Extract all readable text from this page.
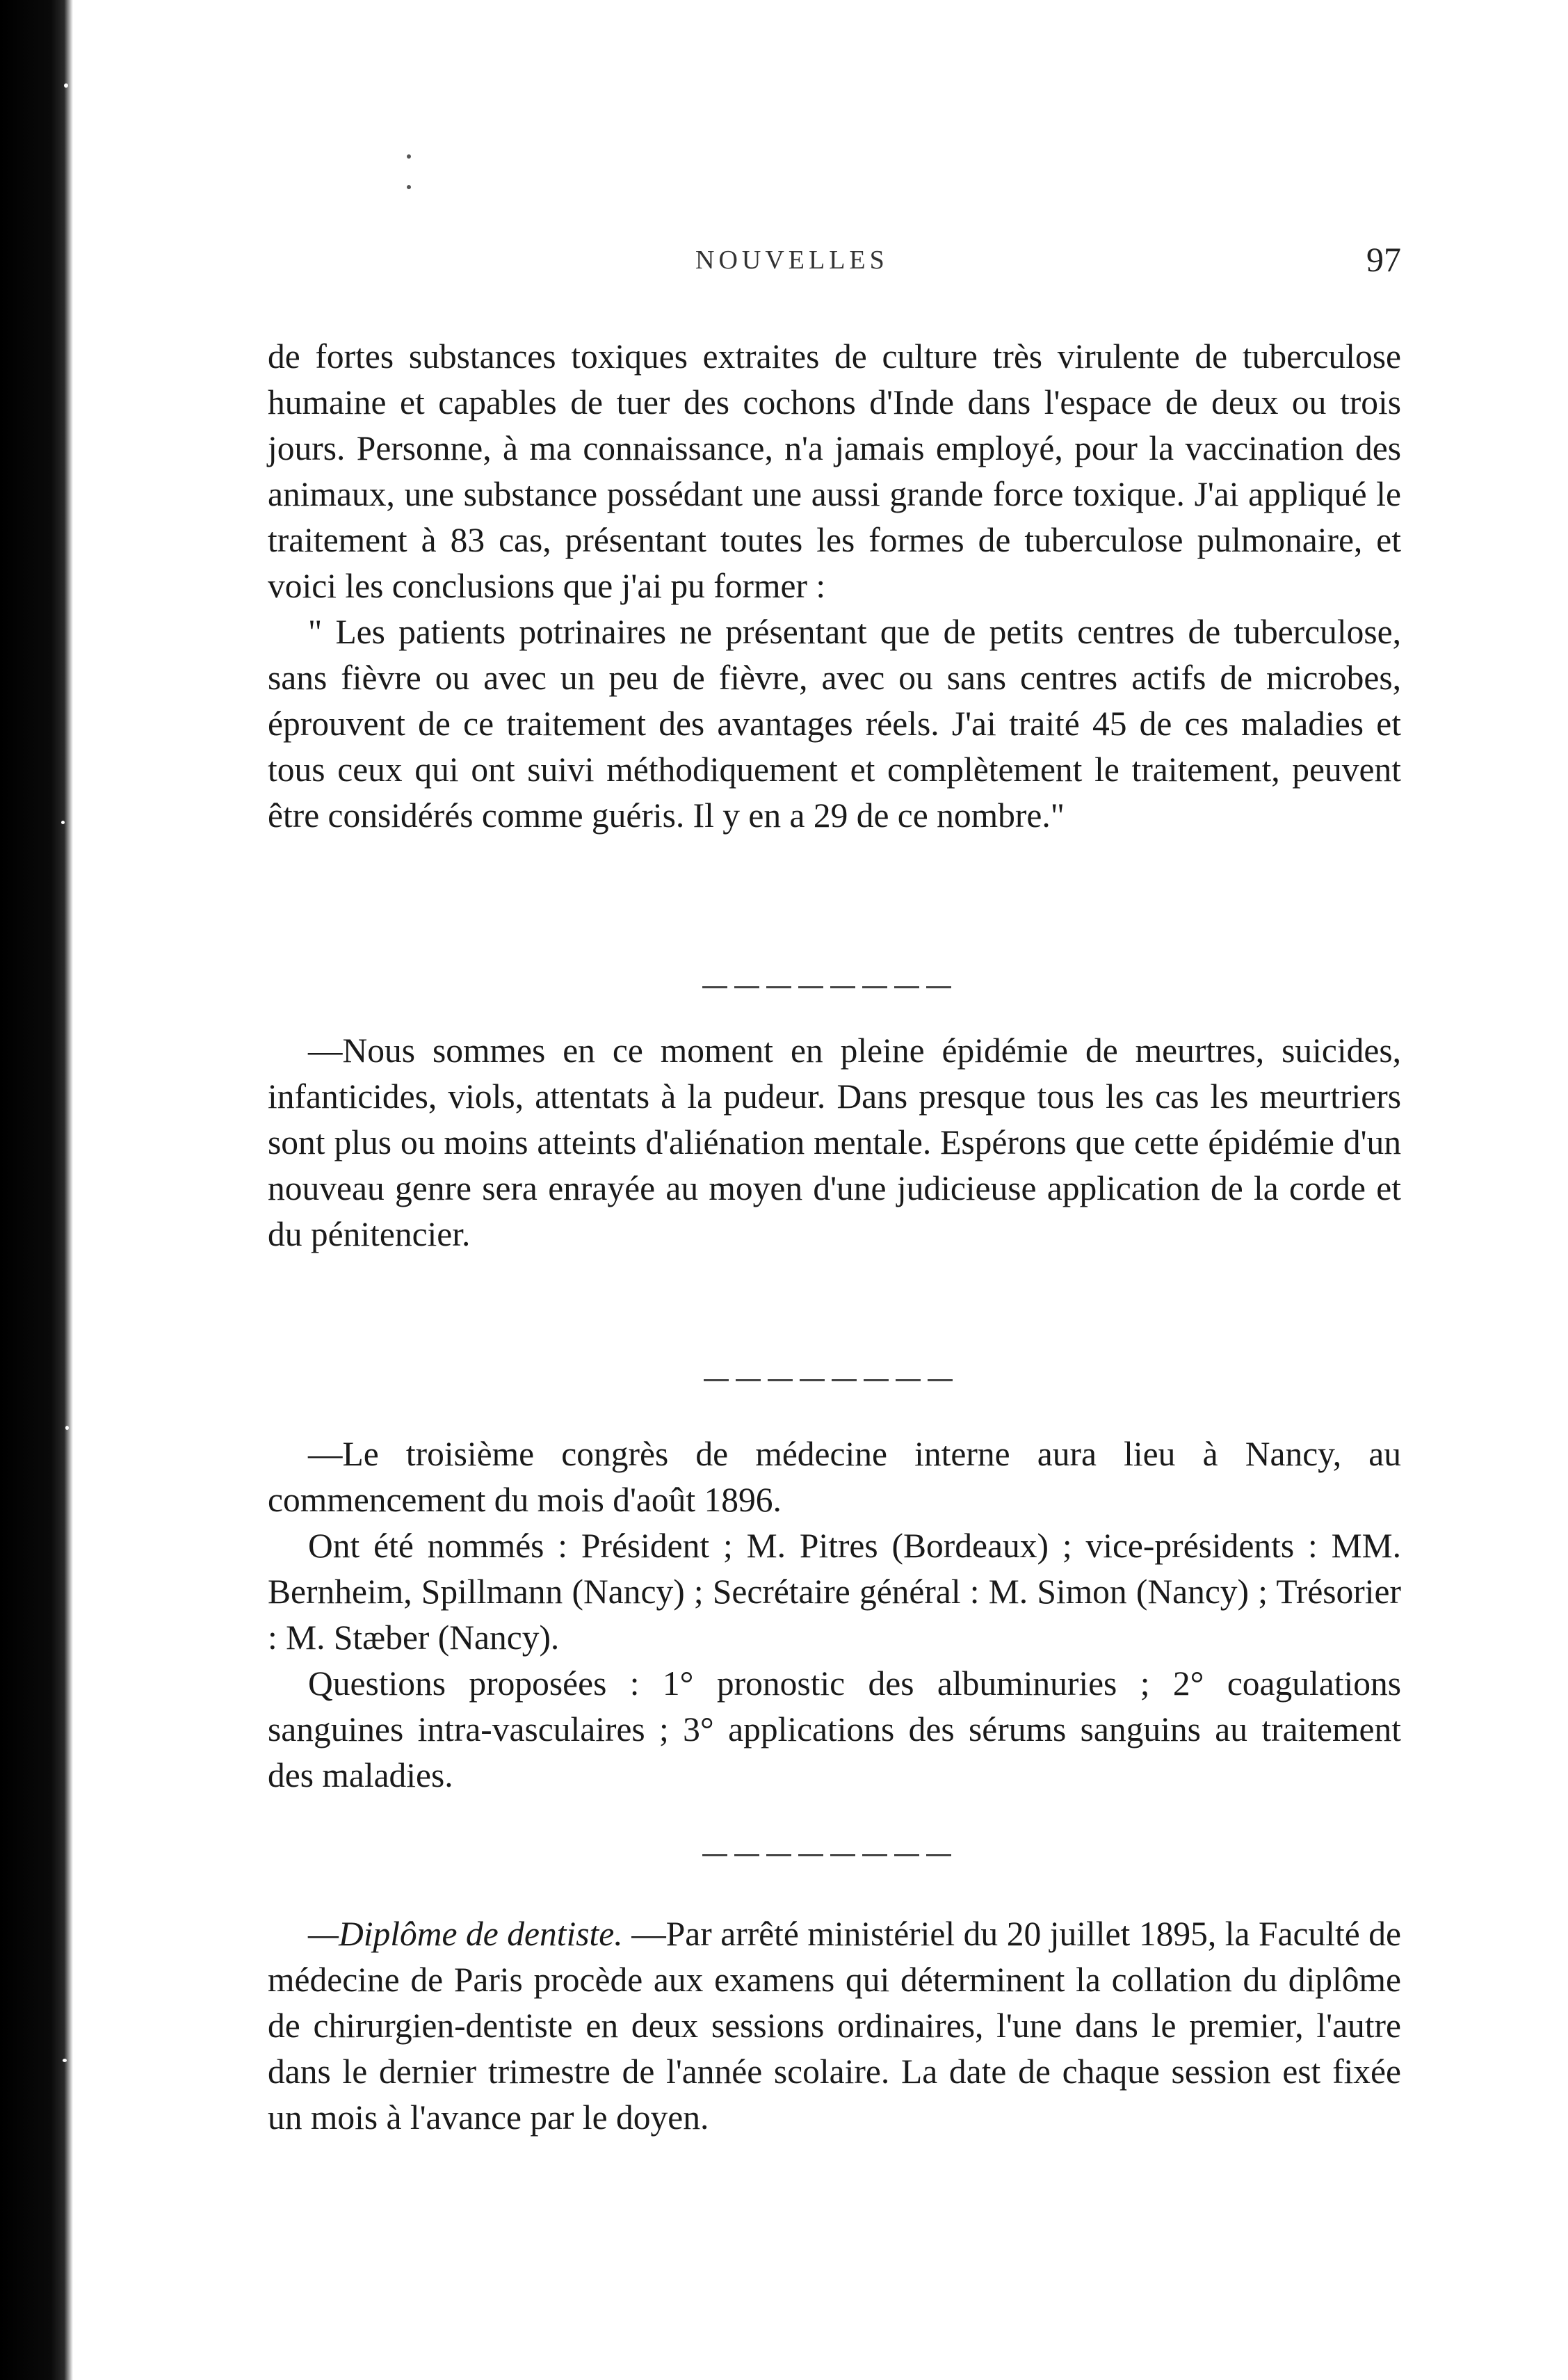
NOUVELLES	97

de fortes substances toxiques extraites de culture très virulente de tuberculose humaine et capables de tuer des cochons d'Inde dans l'espace de deux ou trois jours. Personne, à ma connaissance, n'a jamais employé, pour la vaccination des animaux, une substance possédant une aussi grande force toxique. J'ai appliqué le traitement à 83 cas, présentant toutes les formes de tuberculose pulmonaire, et voici les conclusions que j'ai pu former :

" Les patients potrinaires ne présentant que de petits centres de tuberculose, sans fièvre ou avec un peu de fièvre, avec ou sans centres actifs de microbes, éprouvent de ce traitement des avantages réels. J'ai traité 45 de ces maladies et tous ceux qui ont suivi méthodiquement et complètement le traitement, peuvent être considérés comme guéris. Il y en a 29 de ce nombre."

—Nous sommes en ce moment en pleine épidémie de meurtres, suicides, infanticides, viols, attentats à la pudeur. Dans presque tous les cas les meurtriers sont plus ou moins atteints d'aliénation mentale. Espérons que cette épidémie d'un nouveau genre sera enrayée au moyen d'une judicieuse application de la corde et du pénitencier.

—Le troisième congrès de médecine interne aura lieu à Nancy, au commencement du mois d'août 1896.

Ont été nommés : Président ; M. Pitres (Bordeaux) ; vice-présidents : MM. Bernheim, Spillmann (Nancy) ; Secrétaire général : M. Simon (Nancy) ; Trésorier : M. Stæber (Nancy).

Questions proposées : 1° pronostic des albuminuries ; 2° coagulations sanguines intra-vasculaires ; 3° applications des sérums sanguins au traitement des maladies.

—Diplôme de dentiste. —Par arrêté ministériel du 20 juillet 1895, la Faculté de médecine de Paris procède aux examens qui déterminent la collation du diplôme de chirurgien-dentiste en deux sessions ordinaires, l'une dans le premier, l'autre dans le dernier trimestre de l'année scolaire. La date de chaque session est fixée un mois à l'avance par le doyen.
